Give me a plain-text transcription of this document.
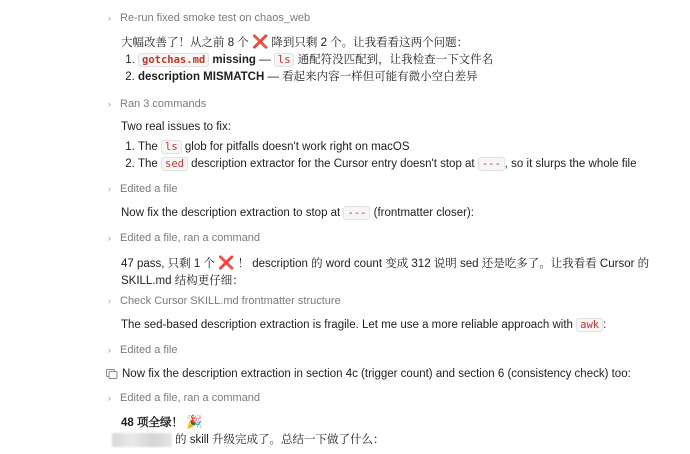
› Re-run fixed smoke test on chaos_web
大幅改善了！从之前 8 个 ❌ 降到只剩 2 个。让我看看这两个问题：
1. gotchas.md missing — ls 通配符没匹配到，让我检查一下文件名
2. description MISMATCH — 看起来内容一样但可能有微小空白差异
› Ran 3 commands
Two real issues to fix:
1. The ls glob for pitfalls doesn't work right on macOS
2. The sed description extractor for the Cursor entry doesn't stop at --- , so it slurps the whole file
› Edited a file
Now fix the description extraction to stop at --- (frontmatter closer):
› Edited a file, ran a command
47 pass, 只剩 1 个 ❌ ！ description 的 word count 变成 312 说明 sed 还是吃多了。让我看看 Cursor 的
SKILL.md 结构更仔细：
› Check Cursor SKILL.md frontmatter structure
The sed-based description extraction is fragile. Let me use a more reliable approach with awk :
› Edited a file
Now fix the description extraction in section 4c (trigger count) and section 6 (consistency check) too:
› Edited a file, ran a command
48 项全绿！ 🎉
的 skill 升级完成了。总结一下做了什么：
